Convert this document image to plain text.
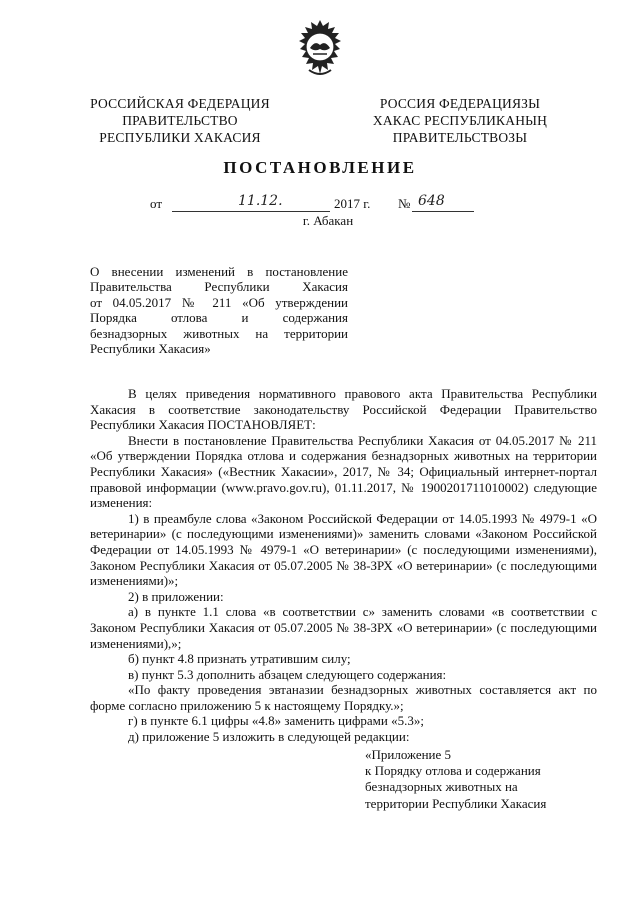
РОССИЙСКАЯ ФЕДЕРАЦИЯ
ПРАВИТЕЛЬСТВО
РЕСПУБЛИКИ ХАКАСИЯ
РОССИЯ ФЕДЕРАЦИЯЗЫ
ХАКАС РЕСПУБЛИКАНЫҢ
ПРАВИТЕЛЬСТВОЗЫ
ПОСТАНОВЛЕНИЕ
от	11.12.	2017 г. № 648
г. Абакан
О внесении изменений в постановление
Правительства Республики Хакасия
от 04.05.2017 № 211 «Об утверждении
Порядка отлова и содержания
безнадзорных животных на территории
Республики Хакасия»

В целях приведения нормативного правового акта Правительства Республики Хакасия в соответствие законодательству Российской Федерации Правительство Республики Хакасия ПОСТАНОВЛЯЕТ:

Внести в постановление Правительства Республики Хакасия от 04.05.2017 № 211 «Об утверждении Порядка отлова и содержания безнадзорных животных на территории Республики Хакасия» («Вестник Хакасии», 2017, № 34; Официальный интернет-портал правовой информации (www.pravo.gov.ru), 01.11.2017, № 1900201711010002) следующие изменения:

1) в преамбуле слова «Законом Российской Федерации от 14.05.1993 № 4979-1 «О ветеринарии» (с последующими изменениями)» заменить словами «Законом Российской Федерации от 14.05.1993 № 4979-1 «О ветеринарии» (с последующими изменениями), Законом Республики Хакасия от 05.07.2005 № 38-ЗРХ «О ветеринарии» (с последующими изменениями)»;

2) в приложении:

а) в пункте 1.1 слова «в соответствии с» заменить словами «в соответствии с Законом Республики Хакасия от 05.07.2005 № 38-ЗРХ «О ветеринарии» (с последующими изменениями),»;

б) пункт 4.8 признать утратившим силу;

в) пункт 5.3 дополнить абзацем следующего содержания:

«По факту проведения эвтаназии безнадзорных животных составляется акт по форме согласно приложению 5 к настоящему Порядку.»;

г) в пункте 6.1 цифры «4.8» заменить цифрами «5.3»;

д) приложение 5 изложить в следующей редакции:

«Приложение 5
к Порядку отлова и содержания
безнадзорных животных на
территории Республики Хакасия
